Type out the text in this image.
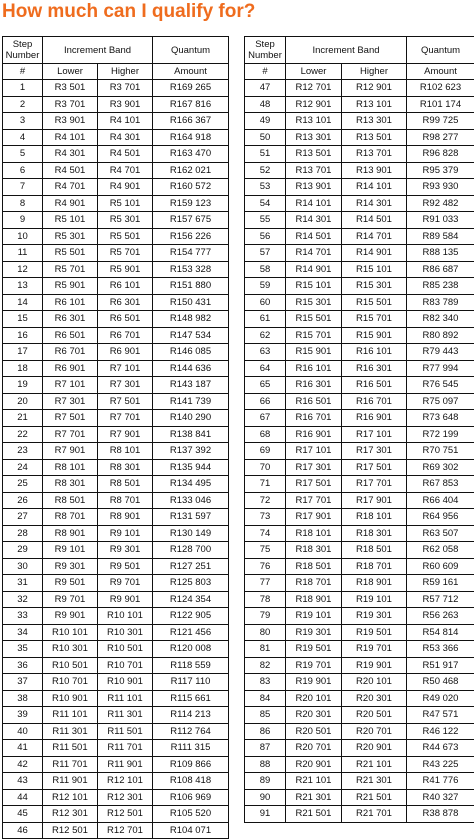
How much can I qualify for?
Step Number	Increment Band		Quantum
#	Lower	Higher	Amount
1	R3 501	R3 701	R169 265
2	R3 701	R3 901	R167 816
3	R3 901	R4 101	R166 367
4	R4 101	R4 301	R164 918
5	R4 301	R4 501	R163 470
6	R4 501	R4 701	R162 021
7	R4 701	R4 901	R160 572
8	R4 901	R5 101	R159 123
9	R5 101	R5 301	R157 675
10	R5 301	R5 501	R156 226
11	R5 501	R5 701	R154 777
12	R5 701	R5 901	R153 328
13	R5 901	R6 101	R151 880
14	R6 101	R6 301	R150 431
15	R6 301	R6 501	R148 982
16	R6 501	R6 701	R147 534
17	R6 701	R6 901	R146 085
18	R6 901	R7 101	R144 636
19	R7 101	R7 301	R143 187
20	R7 301	R7 501	R141 739
21	R7 501	R7 701	R140 290
22	R7 701	R7 901	R138 841
23	R7 901	R8 101	R137 392
24	R8 101	R8 301	R135 944
25	R8 301	R8 501	R134 495
26	R8 501	R8 701	R133 046
27	R8 701	R8 901	R131 597
28	R8 901	R9 101	R130 149
29	R9 101	R9 301	R128 700
30	R9 301	R9 501	R127 251
31	R9 501	R9 701	R125 803
32	R9 701	R9 901	R124 354
33	R9 901	R10 101	R122 905
34	R10 101	R10 301	R121 456
35	R10 301	R10 501	R120 008
36	R10 501	R10 701	R118 559
37	R10 701	R10 901	R117 110
38	R10 901	R11 101	R115 661
39	R11 101	R11 301	R114 213
40	R11 301	R11 501	R112 764
41	R11 501	R11 701	R111 315
42	R11 701	R11 901	R109 866
43	R11 901	R12 101	R108 418
44	R12 101	R12 301	R106 969
45	R12 301	R12 501	R105 520
46	R12 501	R12 701	R104 071
Step Number	Increment Band		Quantum
#	Lower	Higher	Amount
47	R12 701	R12 901	R102 623
48	R12 901	R13 101	R101 174
49	R13 101	R13 301	R99 725
50	R13 301	R13 501	R98 277
51	R13 501	R13 701	R96 828
52	R13 701	R13 901	R95 379
53	R13 901	R14 101	R93 930
54	R14 101	R14 301	R92 482
55	R14 301	R14 501	R91 033
56	R14 501	R14 701	R89 584
57	R14 701	R14 901	R88 135
58	R14 901	R15 101	R86 687
59	R15 101	R15 301	R85 238
60	R15 301	R15 501	R83 789
61	R15 501	R15 701	R82 340
62	R15 701	R15 901	R80 892
63	R15 901	R16 101	R79 443
64	R16 101	R16 301	R77 994
65	R16 301	R16 501	R76 545
66	R16 501	R16 701	R75 097
67	R16 701	R16 901	R73 648
68	R16 901	R17 101	R72 199
69	R17 101	R17 301	R70 751
70	R17 301	R17 501	R69 302
71	R17 501	R17 701	R67 853
72	R17 701	R17 901	R66 404
73	R17 901	R18 101	R64 956
74	R18 101	R18 301	R63 507
75	R18 301	R18 501	R62 058
76	R18 501	R18 701	R60 609
77	R18 701	R18 901	R59 161
78	R18 901	R19 101	R57 712
79	R19 101	R19 301	R56 263
80	R19 301	R19 501	R54 814
81	R19 501	R19 701	R53 366
82	R19 701	R19 901	R51 917
83	R19 901	R20 101	R50 468
84	R20 101	R20 301	R49 020
85	R20 301	R20 501	R47 571
86	R20 501	R20 701	R46 122
87	R20 701	R20 901	R44 673
88	R20 901	R21 101	R43 225
89	R21 101	R21 301	R41 776
90	R21 301	R21 501	R40 327
91	R21 501	R21 701	R38 878
